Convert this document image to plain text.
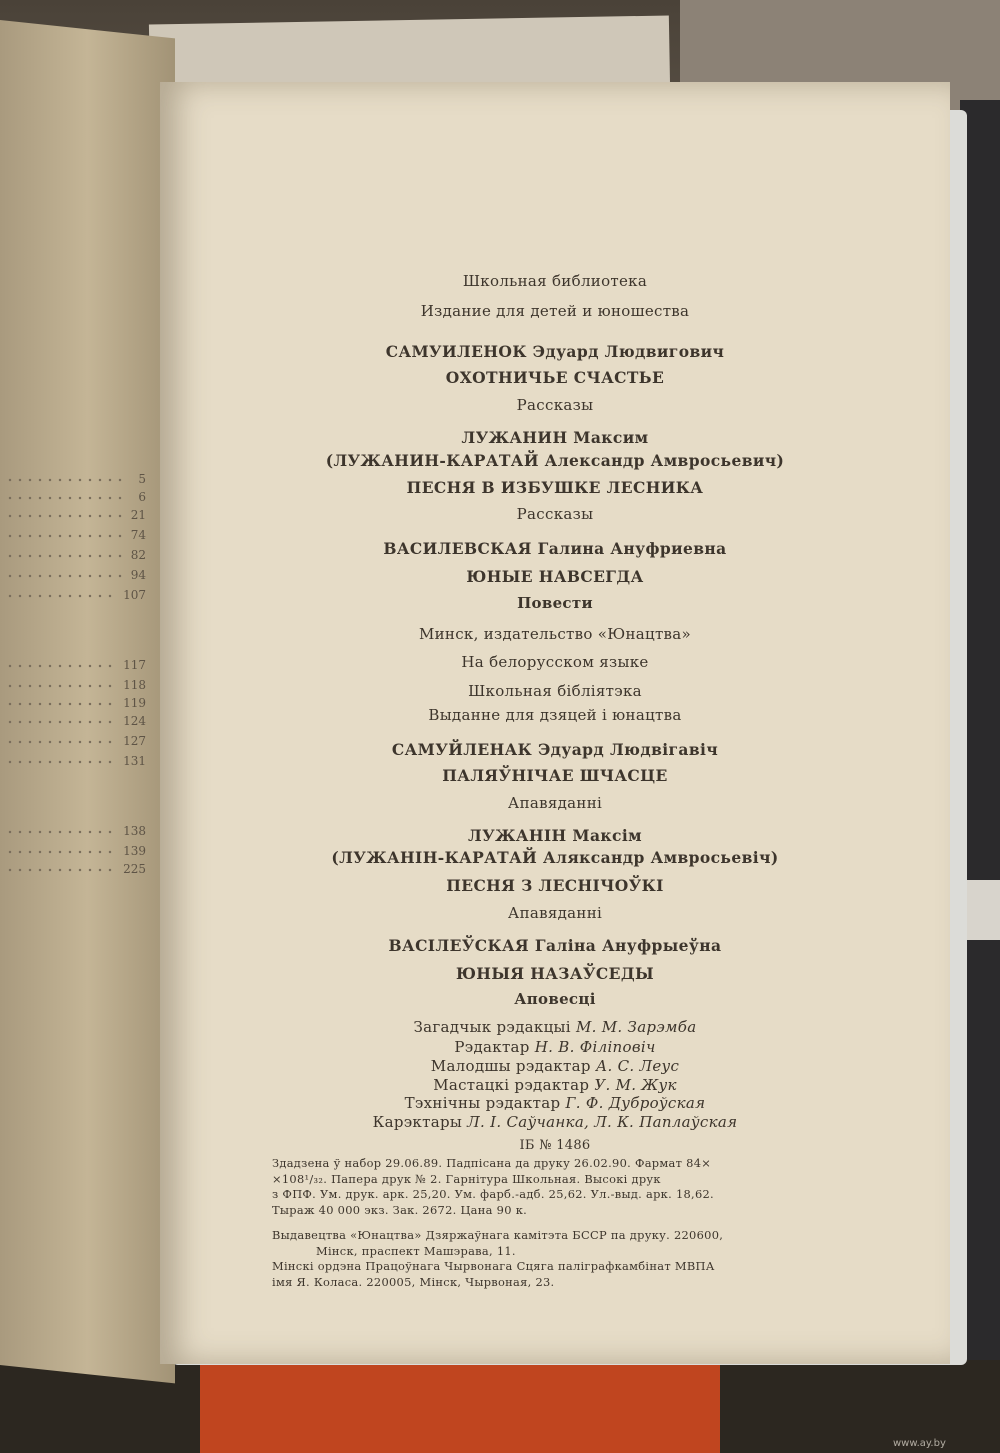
5
6
21
74
82
94
107
117
118
119
124
127
131
138
139
225
Школьная библиотека
Издание для детей и юношества
САМУИЛЕНОК Эдуард Людвигович
ОХОТНИЧЬЕ СЧАСТЬЕ
Рассказы
ЛУЖАНИН Максим
(ЛУЖАНИН-КАРАТАЙ Александр Амвросьевич)
ПЕСНЯ В ИЗБУШКЕ ЛЕСНИКА
Рассказы
ВАСИЛЕВСКАЯ Галина Ануфриевна
ЮНЫЕ НАВСЕГДА
Повести
Минск, издательство «Юнацтва»
На белорусском языке
Школьная бібліятэка
Выданне для дзяцей і юнацтва
САМУЙЛЕНАК Эдуард Людвігавіч
ПАЛЯЎНІЧАЕ ШЧАСЦЕ
Апавяданні
ЛУЖАНІН Максім
(ЛУЖАНІН-КАРАТАЙ Аляксандр Амвросьевіч)
ПЕСНЯ З ЛЕСНІЧОЎКІ
Апавяданні
ВАСІЛЕЎСКАЯ Галіна Ануфрыеўна
ЮНЫЯ НАЗАЎСЕДЫ
Аповесці
Загадчык рэдакцыі М. М. Зарэмба
Рэдактар Н. В. Філіповіч
Малодшы рэдактар А. С. Леус
Мастацкі рэдактар У. М. Жук
Тэхнічны рэдактар Г. Ф. Дуброўская
Карэктары Л. І. Саўчанка, Л. К. Паплаўская
ІБ № 1486
Здадзена ў набор 29.06.89. Падпісана да друку 26.02.90. Фармат 84×
×108¹/₃₂. Папера друк № 2. Гарнітура Школьная. Высокі друк
з ФПФ. Ум. друк. арк. 25,20. Ум. фарб.-адб. 25,62. Ул.-выд. арк. 18,62.
Тыраж 40 000 экз. Зак. 2672. Цана 90 к.
Выдавецтва «Юнацтва» Дзяржаўнага камітэта БССР па друку. 220600,
Мінск, праспект Машэрава, 11.
Мінскі ордэна Працоўнага Чырвонага Сцяга паліграфкамбінат МВПА
імя Я. Коласа. 220005, Мінск, Чырвоная, 23.
www.ay.by
